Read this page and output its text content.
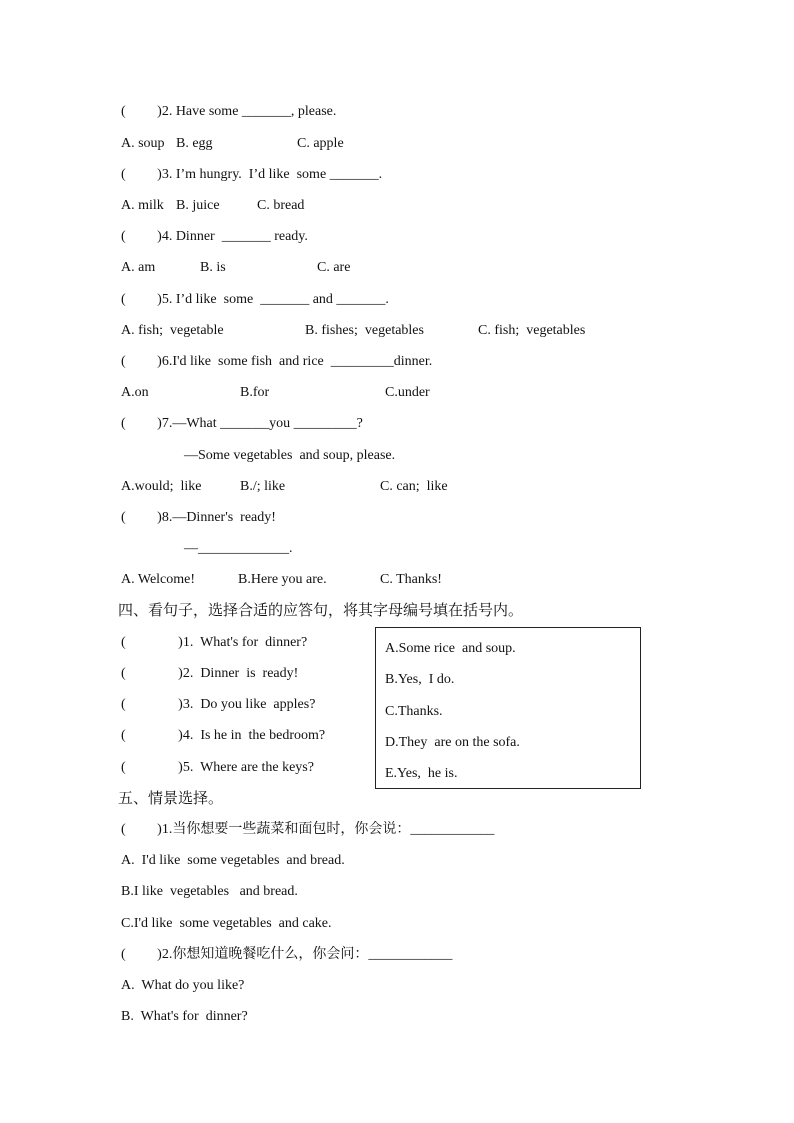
(         )2. Have some _______, please.
A. soup B. egg	C. apple
(         )3. I’m hungry.  I’d like  some _______.
A. milk B. juice	C. bread
(         )4. Dinner  _______ ready.
A. am	B. is	C. are
(         )5. I’d like  some  _______ and _______.
A. fish;  vegetable	B. fishes;  vegetables	C. fish;  vegetables
(         )6.I'd like  some fish  and rice  _________dinner.
A.on	B.for	C.under
(         )7.—What _______you _________?
—Some vegetables  and soup, please.
A.would;  like	B./; like	C. can;  like
(         )8.—Dinner's  ready!
—_____________.
A. Welcome!	B.Here you are.	C. Thanks!
四、看句子，选择合适的应答句，将其字母编号填在括号内。
(               )1.  What's for  dinner?
(               )2.  Dinner  is  ready!
(               )3.  Do you like  apples?
(               )4.  Is he in  the bedroom?
(               )5.  Where are the keys?
A.Some rice  and soup.
B.Yes,  I do.
C.Thanks.
D.They  are on the sofa.
E.Yes,  he is.
五、情景选择。
(         )1.当你想要一些蔬菜和面包时，你会说：____________
A.  I'd like  some vegetables  and bread.
B.I like  vegetables   and bread.
C.I'd like  some vegetables  and cake.
(         )2.你想知道晚餐吃什么，你会问：____________
A.  What do you like?
B.  What's for  dinner?
